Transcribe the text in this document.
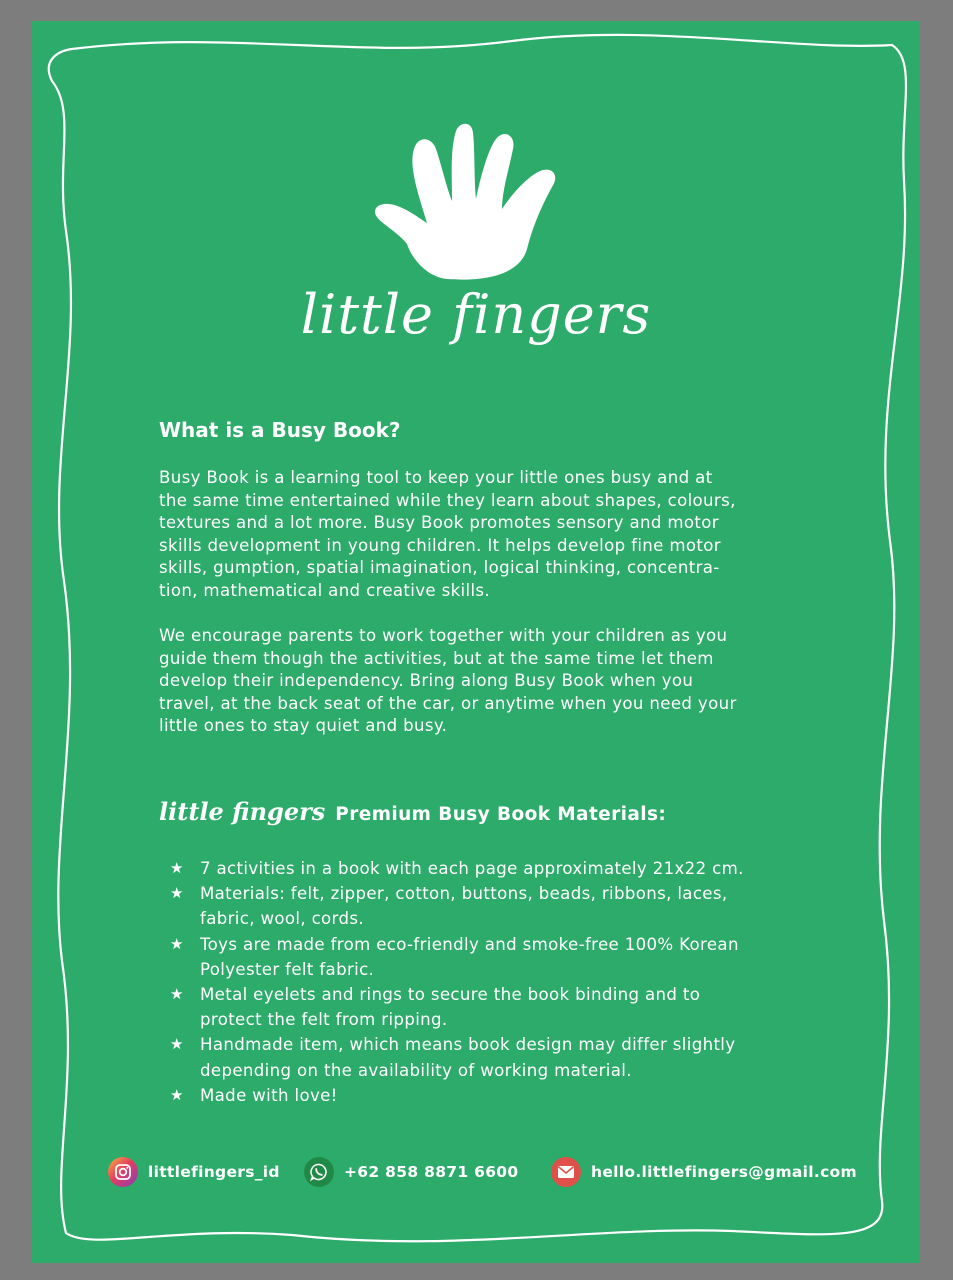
little fingers
What is a Busy Book?

Busy Book is a learning tool to keep your little ones busy and at
the same time entertained while they learn about shapes, colours,
textures and a lot more. Busy Book promotes sensory and motor
skills development in young children. It helps develop fine motor
skills, gumption, spatial imagination, logical thinking, concentra-
tion, mathematical and creative skills.

We encourage parents to work together with your children as you
guide them though the activities, but at the same time let them
develop their independency. Bring along Busy Book when you
travel, at the back seat of the car, or anytime when you need your
little ones to stay quiet and busy.

little fingers Premium Busy Book Materials:
★ 7 activities in a book with each page approximately 21x22 cm.
★ Materials: felt, zipper, cotton, buttons, beads, ribbons, laces,
fabric, wool, cords.
★ Toys are made from eco-friendly and smoke-free 100% Korean
Polyester felt fabric.
★ Metal eyelets and rings to secure the book binding and to
protect the felt from ripping.
★ Handmade item, which means book design may differ slightly
depending on the availability of working material.
★ Made with love!
littlefingers_id	+62 858 8871 6600	hello.littlefingers@gmail.com
